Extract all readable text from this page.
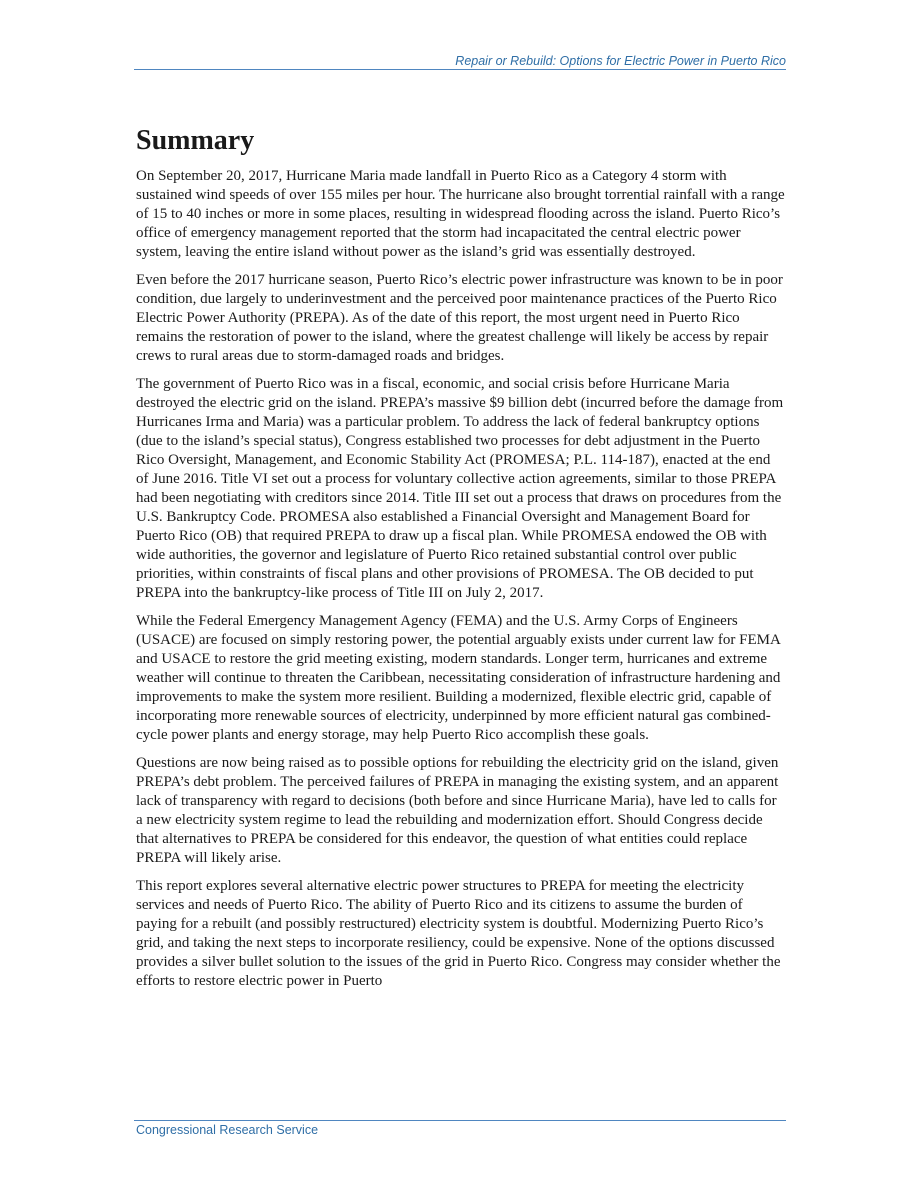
Repair or Rebuild: Options for Electric Power in Puerto Rico
Summary

On September 20, 2017, Hurricane Maria made landfall in Puerto Rico as a Category 4 storm with sustained wind speeds of over 155 miles per hour. The hurricane also brought torrential rainfall with a range of 15 to 40 inches or more in some places, resulting in widespread flooding across the island. Puerto Rico’s office of emergency management reported that the storm had incapacitated the central electric power system, leaving the entire island without power as the island’s grid was essentially destroyed.

Even before the 2017 hurricane season, Puerto Rico’s electric power infrastructure was known to be in poor condition, due largely to underinvestment and the perceived poor maintenance practices of the Puerto Rico Electric Power Authority (PREPA). As of the date of this report, the most urgent need in Puerto Rico remains the restoration of power to the island, where the greatest challenge will likely be access by repair crews to rural areas due to storm-damaged roads and bridges.

The government of Puerto Rico was in a fiscal, economic, and social crisis before Hurricane Maria destroyed the electric grid on the island. PREPA’s massive $9 billion debt (incurred before the damage from Hurricanes Irma and Maria) was a particular problem. To address the lack of federal bankruptcy options (due to the island’s special status), Congress established two processes for debt adjustment in the Puerto Rico Oversight, Management, and Economic Stability Act (PROMESA; P.L. 114-187), enacted at the end of June 2016. Title VI set out a process for voluntary collective action agreements, similar to those PREPA had been negotiating with creditors since 2014. Title III set out a process that draws on procedures from the U.S. Bankruptcy Code. PROMESA also established a Financial Oversight and Management Board for Puerto Rico (OB) that required PREPA to draw up a fiscal plan. While PROMESA endowed the OB with wide authorities, the governor and legislature of Puerto Rico retained substantial control over public priorities, within constraints of fiscal plans and other provisions of PROMESA. The OB decided to put PREPA into the bankruptcy-like process of Title III on July 2, 2017.

While the Federal Emergency Management Agency (FEMA) and the U.S. Army Corps of Engineers (USACE) are focused on simply restoring power, the potential arguably exists under current law for FEMA and USACE to restore the grid meeting existing, modern standards. Longer term, hurricanes and extreme weather will continue to threaten the Caribbean, necessitating consideration of infrastructure hardening and improvements to make the system more resilient. Building a modernized, flexible electric grid, capable of incorporating more renewable sources of electricity, underpinned by more efficient natural gas combined-cycle power plants and energy storage, may help Puerto Rico accomplish these goals.

Questions are now being raised as to possible options for rebuilding the electricity grid on the island, given PREPA’s debt problem. The perceived failures of PREPA in managing the existing system, and an apparent lack of transparency with regard to decisions (both before and since Hurricane Maria), have led to calls for a new electricity system regime to lead the rebuilding and modernization effort. Should Congress decide that alternatives to PREPA be considered for this endeavor, the question of what entities could replace PREPA will likely arise.

This report explores several alternative electric power structures to PREPA for meeting the electricity services and needs of Puerto Rico. The ability of Puerto Rico and its citizens to assume the burden of paying for a rebuilt (and possibly restructured) electricity system is doubtful. Modernizing Puerto Rico’s grid, and taking the next steps to incorporate resiliency, could be expensive. None of the options discussed provides a silver bullet solution to the issues of the grid in Puerto Rico. Congress may consider whether the efforts to restore electric power in Puerto

Congressional Research Service
